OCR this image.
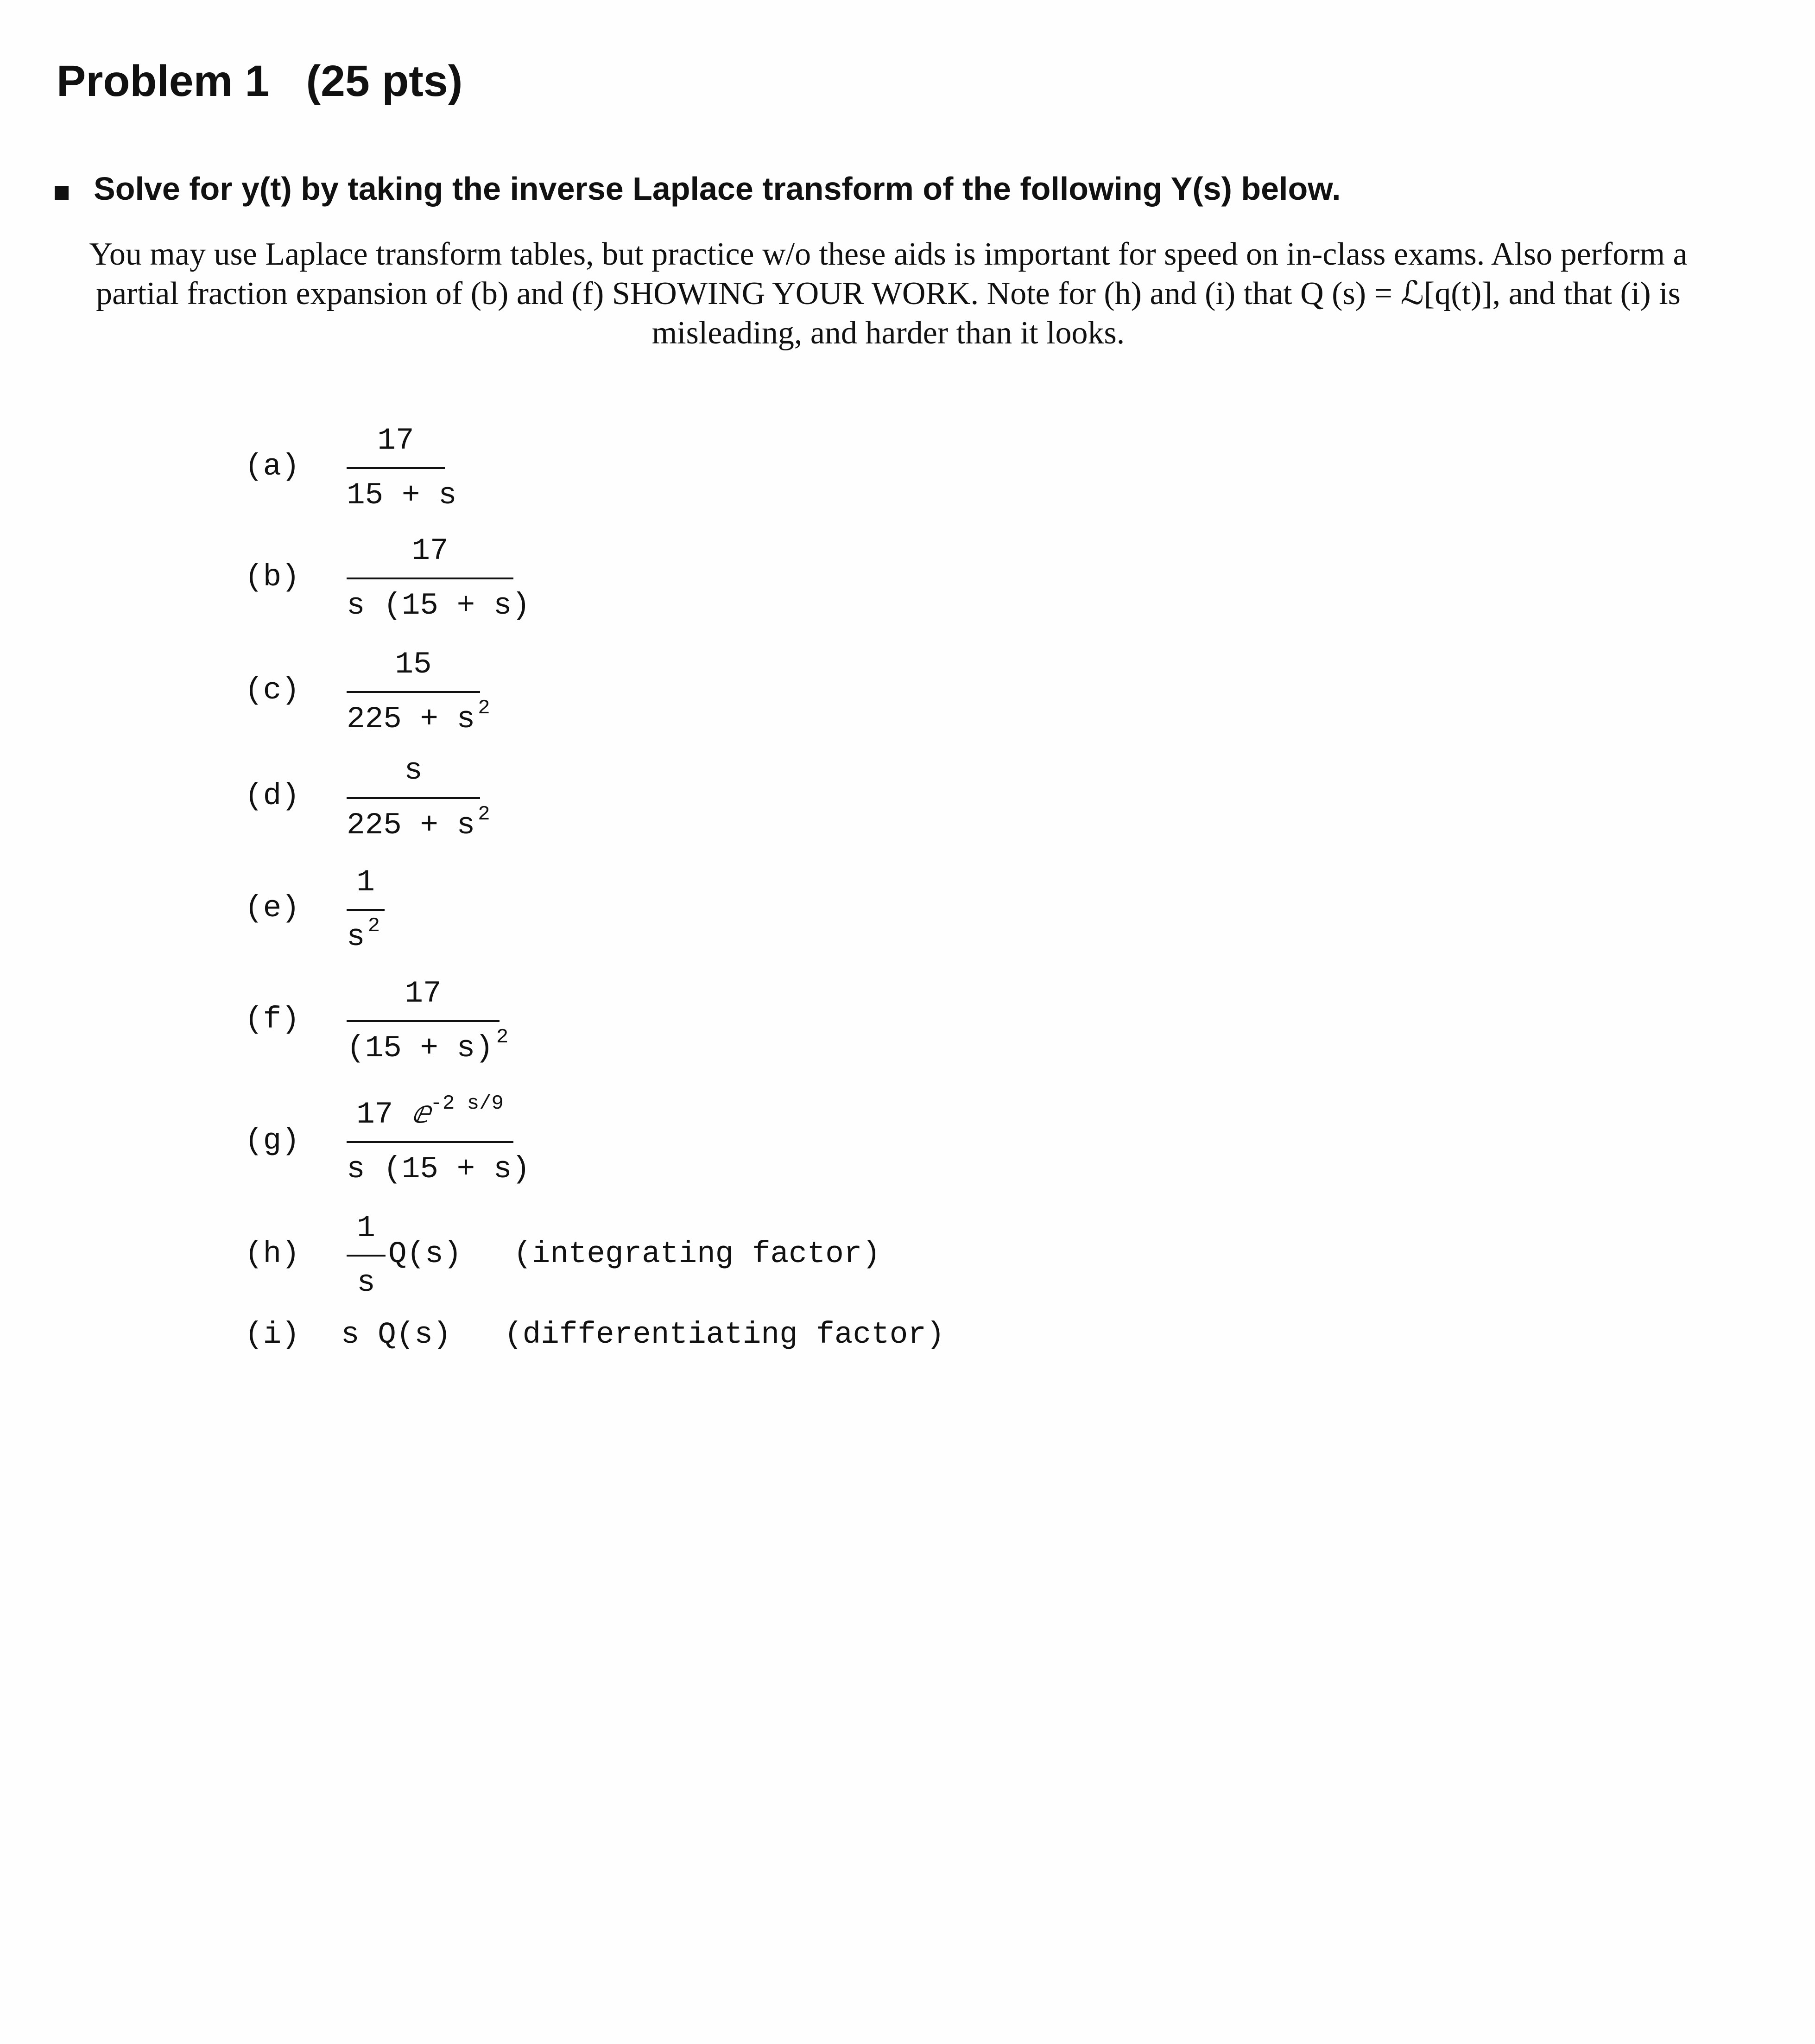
Problem 1   (25 pts)
Solve for y(t) by taking the inverse Laplace transform of the following Y(s) below.

You may use Laplace transform tables, but practice w/o these aids is important for speed on in-class exams. Also perform a partial fraction expansion of (b) and (f) SHOWING YOUR WORK. Note for (h) and (i) that Q (s) = ℒ[q(t)], and that (i) is misleading, and harder than it looks.

(a)
17
15 + s
(b)
17
s (15 + s)
(c)
15
225 + s $^2$
(d)
s
225 + s $^2$
(e)
1
s $^2$
(f)
17
(15 + s) $^2$
(g)
17 ⅇ$^{-2 s/9}$
s (15 + s)
(h)
1
s
Q(s) (integrating factor)
(i) s Q(s) (differentiating factor)
